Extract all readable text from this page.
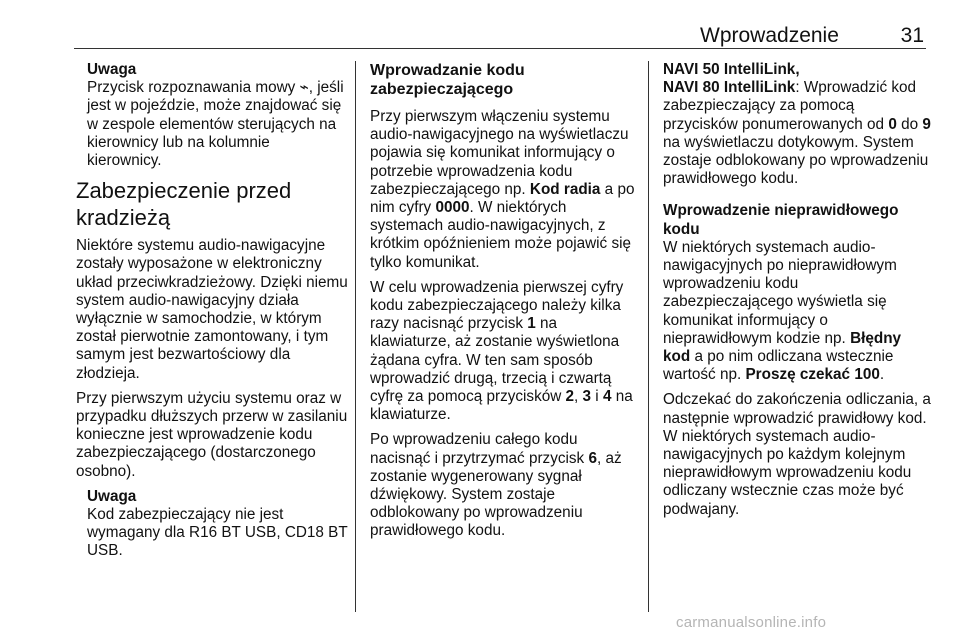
Wprowadzenie	31
Uwaga
Przycisk rozpoznawania mowy ⌁, jeśli jest w pojeździe, może znajdować się w zespole elementów sterujących na kierownicy lub na kolumnie kierownicy.
Zabezpieczenie przed kradzieżą

Niektóre systemu audio-nawigacyjne zostały wyposażone w elektroniczny układ przeciwkradzieżowy. Dzięki niemu system audio-nawigacyjny działa wyłącznie w samochodzie, w którym został pierwotnie zamontowany, i tym samym jest bezwartościowy dla złodzieja.

Przy pierwszym użyciu systemu oraz w przypadku dłuższych przerw w zasilaniu konieczne jest wprowadzenie kodu zabezpieczającego (dostarczonego osobno).

Uwaga
Kod zabezpieczający nie jest wymagany dla R16 BT USB, CD18 BT USB.
Wprowadzanie kodu zabezpieczającego

Przy pierwszym włączeniu systemu audio-nawigacyjnego na wyświetlaczu pojawia się komunikat informujący o potrzebie wprowadzenia kodu zabezpieczającego np. Kod radia a po nim cyfry 0000. W niektórych systemach audio-nawigacyjnych, z krótkim opóźnieniem może pojawić się tylko komunikat.

W celu wprowadzenia pierwszej cyfry kodu zabezpieczającego należy kilka razy nacisnąć przycisk 1 na klawiaturze, aż zostanie wyświetlona żądana cyfra. W ten sam sposób wprowadzić drugą, trzecią i czwartą cyfrę za pomocą przycisków 2, 3 i 4 na klawiaturze.

Po wprowadzeniu całego kodu nacisnąć i przytrzymać przycisk 6, aż zostanie wygenerowany sygnał dźwiękowy. System zostaje odblokowany po wprowadzeniu prawidłowego kodu.

NAVI 50 IntelliLink,
NAVI 80 IntelliLink: Wprowadzić kod zabezpieczający za pomocą przycisków ponumerowanych od 0 do 9 na wyświetlaczu dotykowym. System zostaje odblokowany po wprowadzeniu prawidłowego kodu.

Wprowadzenie nieprawidłowego kodu

W niektórych systemach audio-nawigacyjnych po nieprawidłowym wprowadzeniu kodu zabezpieczającego wyświetla się komunikat informujący o nieprawidłowym kodzie np. Błędny kod a po nim odliczana wstecznie wartość np. Proszę czekać 100.

Odczekać do zakończenia odliczania, a następnie wprowadzić prawidłowy kod. W niektórych systemach audio-nawigacyjnych po każdym kolejnym nieprawidłowym wprowadzeniu kodu odliczany wstecznie czas może być podwajany.

carmanualsonline.info
